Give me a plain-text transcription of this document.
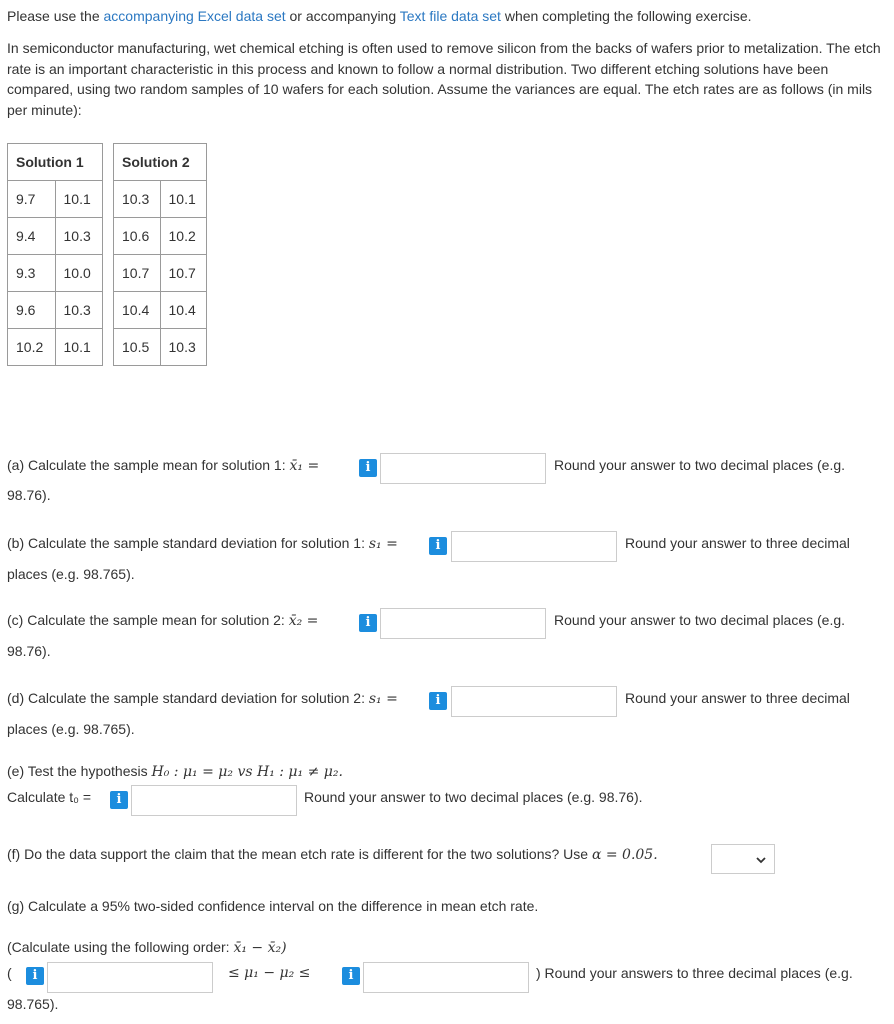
Please use the accompanying Excel data set or accompanying Text file data set when completing the following exercise.
In semiconductor manufacturing, wet chemical etching is often used to remove silicon from the backs of wafers prior to metalization. The etch rate is an important characteristic in this process and known to follow a normal distribution. Two different etching solutions have been compared, using two random samples of 10 wafers for each solution. Assume the variances are equal. The etch rates are as follows (in mils per minute):
Solution 1			Solution 2	
9.7	10.1		10.3	10.1
9.4	10.3		10.6	10.2
9.3	10.0		10.7	10.7
9.6	10.3		10.4	10.4
10.2	10.1		10.5	10.3
(a) Calculate the sample mean for solution 1: x̄₁ =	i	Round your answer to two decimal places (e.g.
98.76).
(b) Calculate the sample standard deviation for solution 1: s₁ =	i	Round your answer to three decimal
places (e.g. 98.765).
(c) Calculate the sample mean for solution 2: x̄₂ =	i	Round your answer to two decimal places (e.g.
98.76).
(d) Calculate the sample standard deviation for solution 2: s₁ =	i	Round your answer to three decimal
places (e.g. 98.765).
(e) Test the hypothesis H₀ : μ₁ = μ₂ vs H₁ : μ₁ ≠ μ₂.
Calculate t₀ =	i	Round your answer to two decimal places (e.g. 98.76).
(f) Do the data support the claim that the mean etch rate is different for the two solutions? Use α = 0.05.
(g) Calculate a 95% two-sided confidence interval on the difference in mean etch rate.
(Calculate using the following order: x̄₁ − x̄₂)
(	i	≤ μ₁ − μ₂ ≤	i	) Round your answers to three decimal places (e.g.
98.765).
